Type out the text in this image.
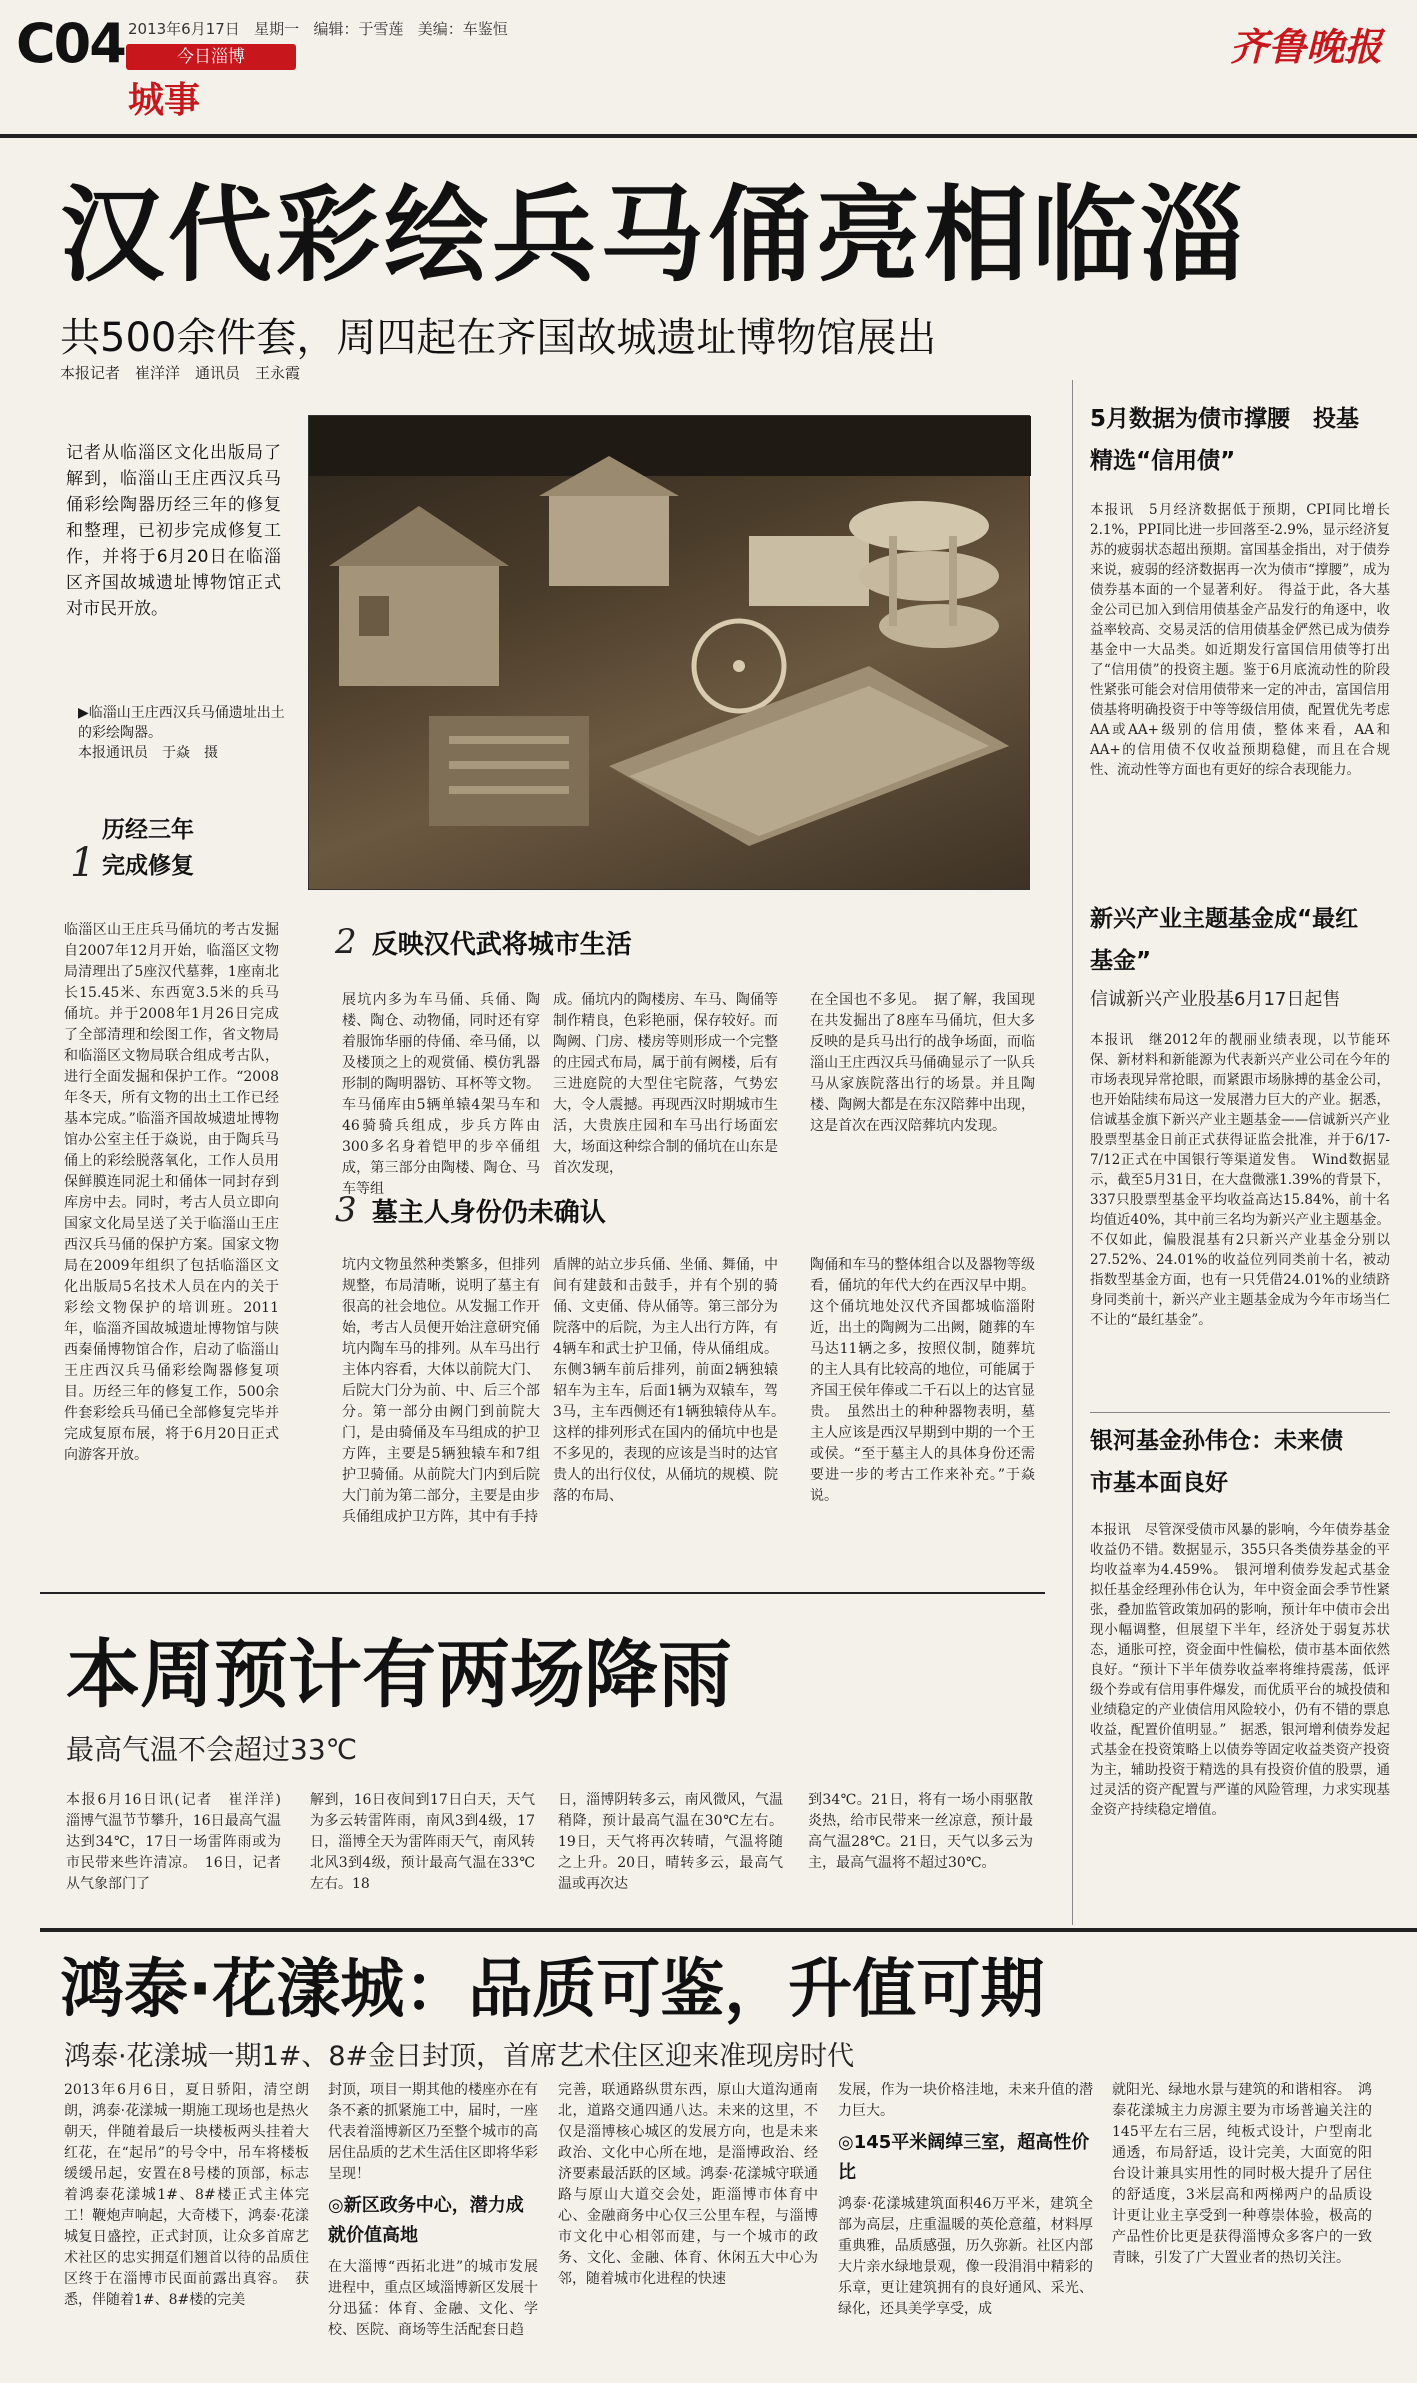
C04 2013年6月17日 星期一 编辑：于雪莲 美编：车鉴恒
今日淄博
城事
齐鲁晚报
汉代彩绘兵马俑亮相临淄
共500余件套，周四起在齐国故城遗址博物馆展出
本报记者　崔洋洋　通讯员　王永霞
记者从临淄区文化出版局了解到，临淄山王庄西汉兵马俑彩绘陶器历经三年的修复和整理，已初步完成修复工作，并将于6月20日在临淄区齐国故城遗址博物馆正式对市民开放。
▶临淄山王庄西汉兵马俑遗址出土的彩绘陶器。
本报通讯员　于焱　摄
1
历经三年完成修复
临淄区山王庄兵马俑坑的考古发掘自2007年12月开始，临淄区文物局清理出了5座汉代墓葬，1座南北长15.45米、东西宽3.5米的兵马俑坑。并于2008年1月26日完成了全部清理和绘图工作，省文物局和临淄区文物局联合组成考古队，进行全面发掘和保护工作。“2008年冬天，所有文物的出土工作已经基本完成。”临淄齐国故城遗址博物馆办公室主任于焱说，由于陶兵马俑上的彩绘脱落氧化，工作人员用保鲜膜连同泥土和俑体一同封存到库房中去。同时，考古人员立即向国家文化局呈送了关于临淄山王庄西汉兵马俑的保护方案。国家文物局在2009年组织了包括临淄区文化出版局5名技术人员在内的关于彩绘文物保护的培训班。2011年，临淄齐国故城遗址博物馆与陕西秦俑博物馆合作，启动了临淄山王庄西汉兵马俑彩绘陶器修复项目。历经三年的修复工作，500余件套彩绘兵马俑已全部修复完毕并完成复原布展，将于6月20日正式向游客开放。
2 反映汉代武将城市生活
展坑内多为车马俑、兵俑、陶楼、陶仓、动物俑，同时还有穿着服饰华丽的侍俑、牵马俑，以及楼顶之上的观赏俑、模仿乳器形制的陶明器钫、耳杯等文物。车马俑库由5辆单辕4架马车和46骑骑兵组成，步兵方阵由300多名身着铠甲的步卒俑组成，第三部分由陶楼、陶仓、马车等组
成。俑坑内的陶楼房、车马、陶俑等制作精良，色彩艳丽，保存较好。而陶阙、门房、楼房等则形成一个完整的庄园式布局，属于前有阙楼，后有三进庭院的大型住宅院落，气势宏大，令人震撼。再现西汉时期城市生活，大贵族庄园和车马出行场面宏大，场面这种综合制的俑坑在山东是首次发现，
在全国也不多见。　据了解，我国现在共发掘出了8座车马俑坑，但大多反映的是兵马出行的战争场面，而临淄山王庄西汉兵马俑确显示了一队兵马从家族院落出行的场景。并且陶楼、陶阙大都是在东汉陪葬中出现，这是首次在西汉陪葬坑内发现。
3 墓主人身份仍未确认
坑内文物虽然种类繁多，但排列规整，布局清晰，说明了墓主有很高的社会地位。从发掘工作开始，考古人员便开始注意研究俑坑内陶车马的排列。从车马出行主体内容看，大体以前院大门、后院大门分为前、中、后三个部分。第一部分由阙门到前院大门，是由骑俑及车马组成的护卫方阵，主要是5辆独辕车和7组护卫骑俑。从前院大门内到后院大门前为第二部分，主要是由步兵俑组成护卫方阵，其中有手持
盾牌的站立步兵俑、坐俑、舞俑，中间有建鼓和击鼓手，并有个别的骑俑、文吏俑、侍从俑等。第三部分为院落中的后院，为主人出行方阵，有4辆车和武士护卫俑，侍从俑组成。东侧3辆车前后排列，前面2辆独辕轺车为主车，后面1辆为双辕车，驾3马，主车西侧还有1辆独辕侍从车。　这样的排列形式在国内的俑坑中也是不多见的，表现的应该是当时的达官贵人的出行仪仗，从俑坑的规模、院落的布局、
陶俑和车马的整体组合以及器物等级看，俑坑的年代大约在西汉早中期。这个俑坑地处汉代齐国都城临淄附近，出土的陶阙为二出阙，随葬的车马达11辆之多，按照仪制，随葬坑的主人具有比较高的地位，可能属于齐国王侯年俸或二千石以上的达官显贵。　虽然出土的种种器物表明，墓主人应该是西汉早期到中期的一个王或侯。“至于墓主人的具体身份还需要进一步的考古工作来补充。”于焱说。
本周预计有两场降雨
最高气温不会超过33℃
本报6月16日讯(记者　崔洋洋)　淄博气温节节攀升，16日最高气温达到34℃，17日一场雷阵雨或为市民带来些许清凉。　16日，记者从气象部门了
解到，16日夜间到17日白天，天气为多云转雷阵雨，南风3到4级，17日，淄博全天为雷阵雨天气，南风转北风3到4级，预计最高气温在33℃左右。18
日，淄博阴转多云，南风微风，气温稍降，预计最高气温在30℃左右。19日，天气将再次转晴，气温将随之上升。20日，晴转多云，最高气温或再次达
到34℃。21日，将有一场小雨驱散炎热，给市民带来一丝凉意，预计最高气温28℃。21日，天气以多云为主，最高气温将不超过30℃。
鸿泰·花漾城：品质可鉴，升值可期
鸿泰·花漾城一期1#、8#金日封顶，首席艺术住区迎来准现房时代
2013年6月6日，夏日骄阳，清空朗朗，鸿泰·花漾城一期施工现场也是热火朝天，伴随着最后一块楼板两头挂着大红花，在“起吊”的号令中，吊车将楼板缓缓吊起，安置在8号楼的顶部，标志着鸿泰花漾城1#、8#楼正式主体完工！鞭炮声响起，大奇楼下，鸿泰·花漾城复日盛控，正式封顶，让众多首席艺术社区的忠实拥趸们翘首以待的品质住区终于在淄博市民面前露出真容。　获悉，伴随着1#、8#楼的完美
封顶，项目一期其他的楼座亦在有条不紊的抓紧施工中，届时，一座代表着淄博新区乃至整个城市的高居住品质的艺术生活住区即将华彩呈现！
◎新区政务中心，潜力成就价值高地
在大淄博“西拓北进”的城市发展进程中，重点区域淄博新区发展十分迅猛：体育、金融、文化、学校、医院、商场等生活配套日趋
完善，联通路纵贯东西，原山大道沟通南北，道路交通四通八达。未来的这里，不仅是淄博核心城区的发展方向，也是未来政治、文化中心所在地，是淄博政治、经济要素最活跃的区域。鸿泰·花漾城守联通路与原山大道交会处，距淄博市体育中心、金融商务中心仅三公里车程，与淄博市文化中心相邻而建，与一个城市的政务、文化、金融、体育、休闲五大中心为邻，随着城市化进程的快速
发展，作为一块价格洼地，未来升值的潜力巨大。
◎145平米阔绰三室，超高性价比
鸿泰·花漾城建筑面积46万平米，建筑全部为高层，庄重温暖的英伦意蕴，材料厚重典雅，品质感强，历久弥新。社区内部大片亲水绿地景观，像一段涓涓中精彩的乐章，更让建筑拥有的良好通风、采光、绿化，还具美学享受，成
就阳光、绿地水景与建筑的和谐相容。　鸿泰花漾城主力房源主要为市场普遍关注的145平左右三居，纯板式设计，户型南北通透，布局舒适，设计完美，大面宽的阳台设计兼具实用性的同时极大提升了居住的舒适度，3米层高和两梯两户的品质设计更让业主享受到一种尊崇体验，极高的产品性价比更是获得淄博众多客户的一致青睐，引发了广大置业者的热切关注。
5月数据为债市撑腰　投基精选“信用债”
本报讯　5月经济数据低于预期，CPI同比增长2.1%，PPI同比进一步回落至-2.9%，显示经济复苏的疲弱状态超出预期。富国基金指出，对于债券来说，疲弱的经济数据再一次为债市“撑腰”，成为债券基本面的一个显著利好。　得益于此，各大基金公司已加入到信用债基金产品发行的角逐中，收益率较高、交易灵活的信用债基金俨然已成为债券基金中一大品类。如近期发行富国信用债等打出了“信用债”的投资主题。鉴于6月底流动性的阶段性紧张可能会对信用债带来一定的冲击，富国信用债基将明确投资于中等等级信用债，配置优先考虑AA或AA+级别的信用债，整体来看，AA和AA+的信用债不仅收益预期稳健，而且在合规性、流动性等方面也有更好的综合表现能力。
新兴产业主题基金成“最红基金”
信诚新兴产业股基6月17日起售
本报讯　继2012年的靓丽业绩表现，以节能环保、新材料和新能源为代表新兴产业公司在今年的市场表现异常抢眼，而紧跟市场脉搏的基金公司，也开始陆续布局这一发展潜力巨大的产业。据悉，信诚基金旗下新兴产业主题基金——信诚新兴产业股票型基金日前正式获得证监会批准，并于6/17-7/12正式在中国银行等渠道发售。　Wind数据显示，截至5月31日，在大盘微涨1.39%的背景下，337只股票型基金平均收益高达15.84%，前十名均值近40%，其中前三名均为新兴产业主题基金。不仅如此，偏股混基有2只新兴产业基金分别以27.52%、24.01%的收益位列同类前十名，被动指数型基金方面，也有一只凭借24.01%的业绩跻身同类前十，新兴产业主题基金成为今年市场当仁不让的“最红基金”。
银河基金孙伟仓：未来债市基本面良好
本报讯　尽管深受债市风暴的影响，今年债券基金收益仍不错。数据显示，355只各类债券基金的平均收益率为4.459%。　银河增利债券发起式基金拟任基金经理孙伟仓认为，年中资金面会季节性紧张，叠加监管政策加码的影响，预计年中债市会出现小幅调整，但展望下半年，经济处于弱复苏状态，通胀可控，资金面中性偏松，债市基本面依然良好。“预计下半年债券收益率将维持震荡，低评级个券或有信用事件爆发，而优质平台的城投债和业绩稳定的产业债信用风险较小，仍有不错的票息收益，配置价值明显。”　据悉，银河增利债券发起式基金在投资策略上以债券等固定收益类资产投资为主，辅助投资于精选的具有投资价值的股票，通过灵活的资产配置与严谨的风险管理，力求实现基金资产持续稳定增值。
